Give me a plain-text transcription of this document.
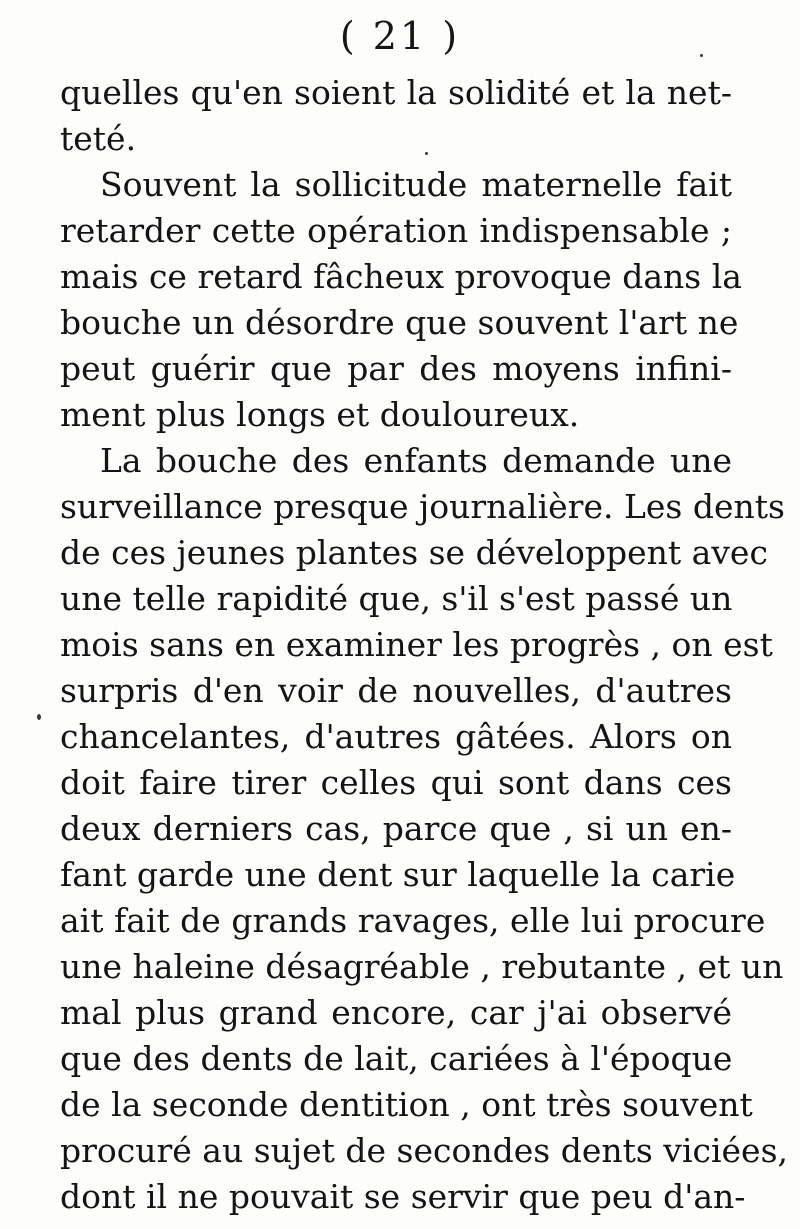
( 21 )
quelles qu'en soient la solidité et la net-
teté.
Souvent la sollicitude maternelle fait
retarder cette opération indispensable ;
mais ce retard fâcheux provoque dans la
bouche un désordre que souvent l'art ne
peut guérir que par des moyens infini-
ment plus longs et douloureux.
La bouche des enfants demande une
surveillance presque journalière. Les dents
de ces jeunes plantes se développent avec
une telle rapidité que, s'il s'est passé un
mois sans en examiner les progrès , on est
surpris d'en voir de nouvelles, d'autres
chancelantes, d'autres gâtées. Alors on
doit faire tirer celles qui sont dans ces
deux derniers cas, parce que , si un en-
fant garde une dent sur laquelle la carie
ait fait de grands ravages, elle lui procure
une haleine désagréable , rebutante , et un
mal plus grand encore, car j'ai observé
que des dents de lait, cariées à l'époque
de la seconde dentition , ont très souvent
procuré au sujet de secondes dents viciées,
dont il ne pouvait se servir que peu d'an-
